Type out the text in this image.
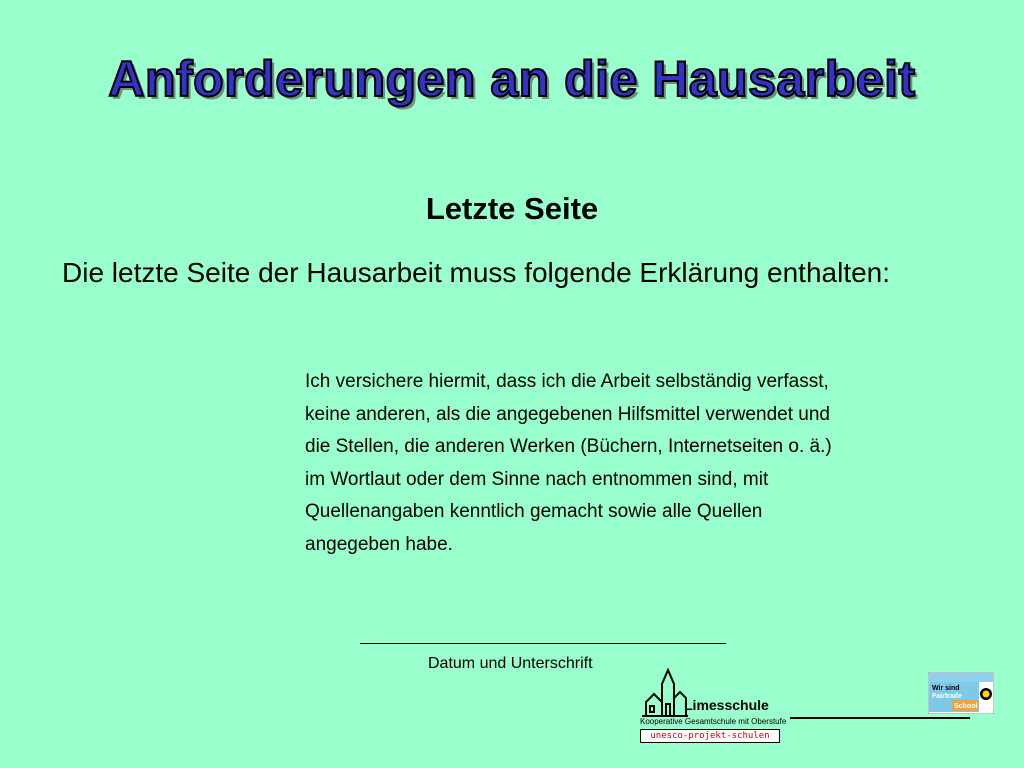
Anforderungen an die Hausarbeit
Letzte Seite

Die letzte Seite der Hausarbeit muss folgende Erklärung enthalten:

Ich versichere hiermit, dass ich die Arbeit selbständig verfasst,
keine anderen, als die angegebenen Hilfsmittel verwendet und
die Stellen, die anderen Werken (Büchern, Internetseiten o. ä.)
im Wortlaut oder dem Sinne nach entnommen sind, mit
Quellenangaben kenntlich gemacht sowie alle Quellen
angegeben habe.
Datum und Unterschrift
Limesschule
Kooperative Gesamtschule mit Oberstufe
unesco-projekt-schulen
Wir sind
Fairtrade
School
